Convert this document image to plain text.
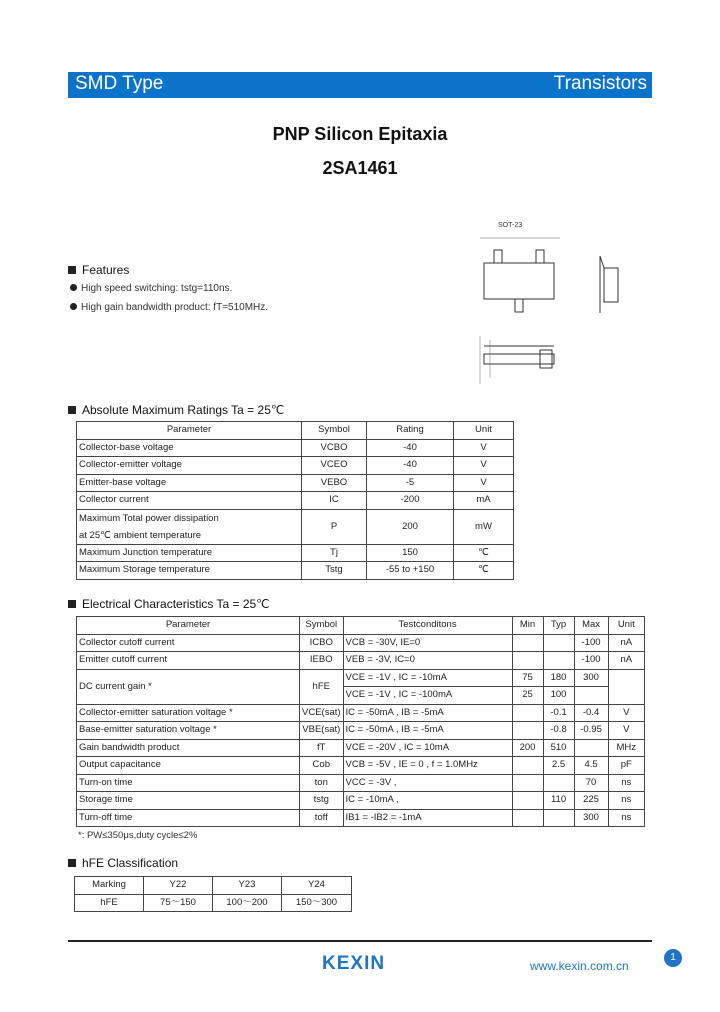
SMD Type	Transistors
PNP Silicon Epitaxia
2SA1461
Features
High speed switching: tstg=110ns.
High gain bandwidth product: fT=510MHz.
SOT-23
Absolute Maximum Ratings Ta = 25℃
Parameter	Symbol	Rating	Unit
Collector-base voltage	VCBO	-40	V
Collector-emitter voltage	VCEO	-40	V
Emitter-base voltage	VEBO	-5	V
Collector current	IC	-200	mA

Maximum Total power dissipation
at 25℃ ambient temperature	P	200	mW
Maximum Junction temperature	Tj	150	℃
Maximum Storage temperature	Tstg	-55 to +150	℃
Electrical Characteristics Ta = 25℃
Parameter	Symbol	Testconditons	Min	Typ	Max	Unit
Collector cutoff current	ICBO	VCB = -30V, IE=0			-100	nA
Emitter cutoff current	IEBO	VEB = -3V, IC=0			-100	nA
DC current gain *	hFE	VCE = -1V , IC = -10mA	75	180	300	
		VCE = -1V , IC = -100mA	25	100		
Collector-emitter saturation voltage *	VCE(sat)	IC = -50mA , IB = -5mA		-0.1	-0.4	V
Base-emitter saturation voltage *	VBE(sat)	IC = -50mA , IB = -5mA		-0.8	-0.95	V
Gain bandwidth product	fT	VCE = -20V , IC = 10mA	200	510		MHz
Output capacitance	Cob	VCB = -5V , IE = 0 , f = 1.0MHz		2.5	4.5	pF
Turn-on time	ton	VCC = -3V ,			70	ns
Storage time	tstg	IC = -10mA ,		110	225	ns
Turn-off time	toff	IB1 = -IB2 = -1mA			300	ns
*: PW≤350μs,duty cycle≤2%
hFE Classification
Marking	Y22	Y23	Y24
hFE	75～150	100～200	150～300
KEXIN	www.kexin.com.cn
1
